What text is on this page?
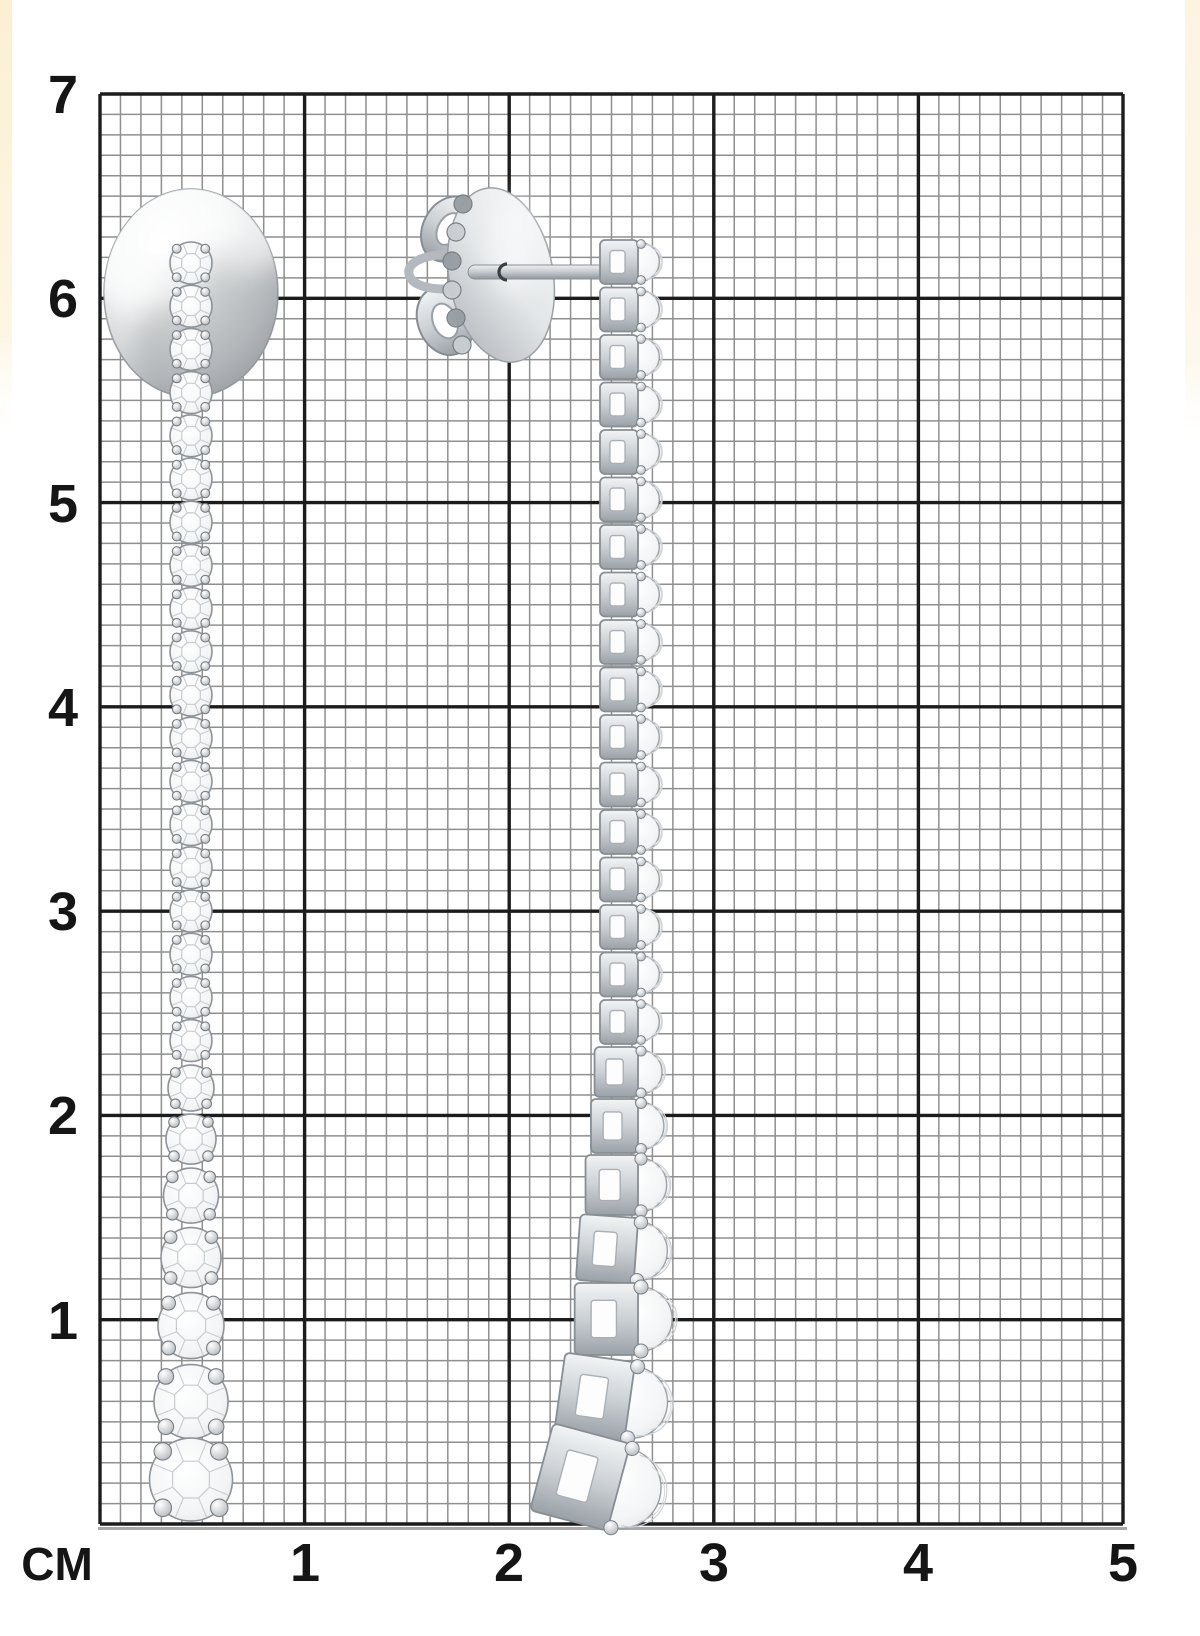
7
6
5
4
3
2
1
CM	1	2	3	4	5
